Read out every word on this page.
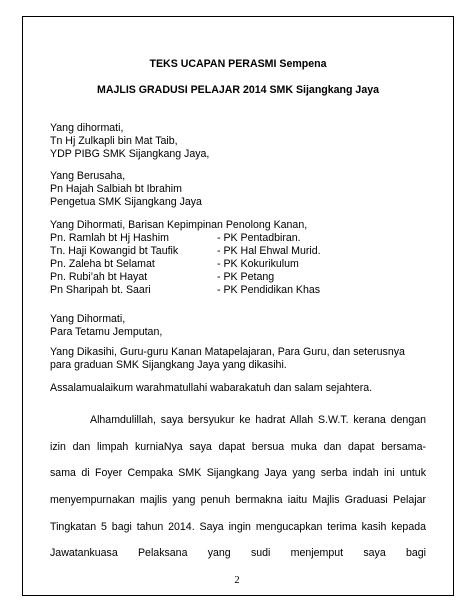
TEKS UCAPAN PERASMI Sempena
MAJLIS GRADUSI PELAJAR 2014 SMK Sijangkang Jaya
Yang dihormati,
Tn Hj Zulkapli bin Mat Taib,
YDP PIBG SMK Sijangkang Jaya,
Yang Berusaha,
Pn Hajah Salbiah bt Ibrahim
Pengetua SMK Sijangkang Jaya
Yang Dihormati, Barisan Kepimpinan Penolong Kanan,
Pn. Ramlah bt Hj Hashim	- PK Pentadbiran.
Tn. Haji Kowangid bt Taufik	- PK Hal Ehwal Murid.
Pn. Zaleha bt Selamat	- PK Kokurikulum
Pn. Rubi’ah bt Hayat	- PK Petang
Pn Sharipah bt. Saari	- PK Pendidikan Khas
Yang Dihormati,
Para Tetamu Jemputan,
Yang Dikasihi, Guru-guru Kanan Matapelajaran, Para Guru, dan seterusnya
para graduan SMK Sijangkang Jaya yang dikasihi.
Assalamualaikum warahmatullahi wabarakatuh dan salam sejahtera.
Alhamdulillah, saya bersyukur ke hadrat Allah S.W.T. kerana dengan
izin dan limpah kurniaNya saya dapat bersua muka dan dapat bersama-
sama di Foyer Cempaka SMK Sijangkang Jaya yang serba indah ini untuk
menyempurnakan majlis yang penuh bermakna iaitu Majlis Graduasi Pelajar
Tingkatan 5 bagi tahun 2014. Saya ingin mengucapkan terima kasih kepada
Jawatankuasa Pelaksana yang sudi menjemput saya bagi
2
